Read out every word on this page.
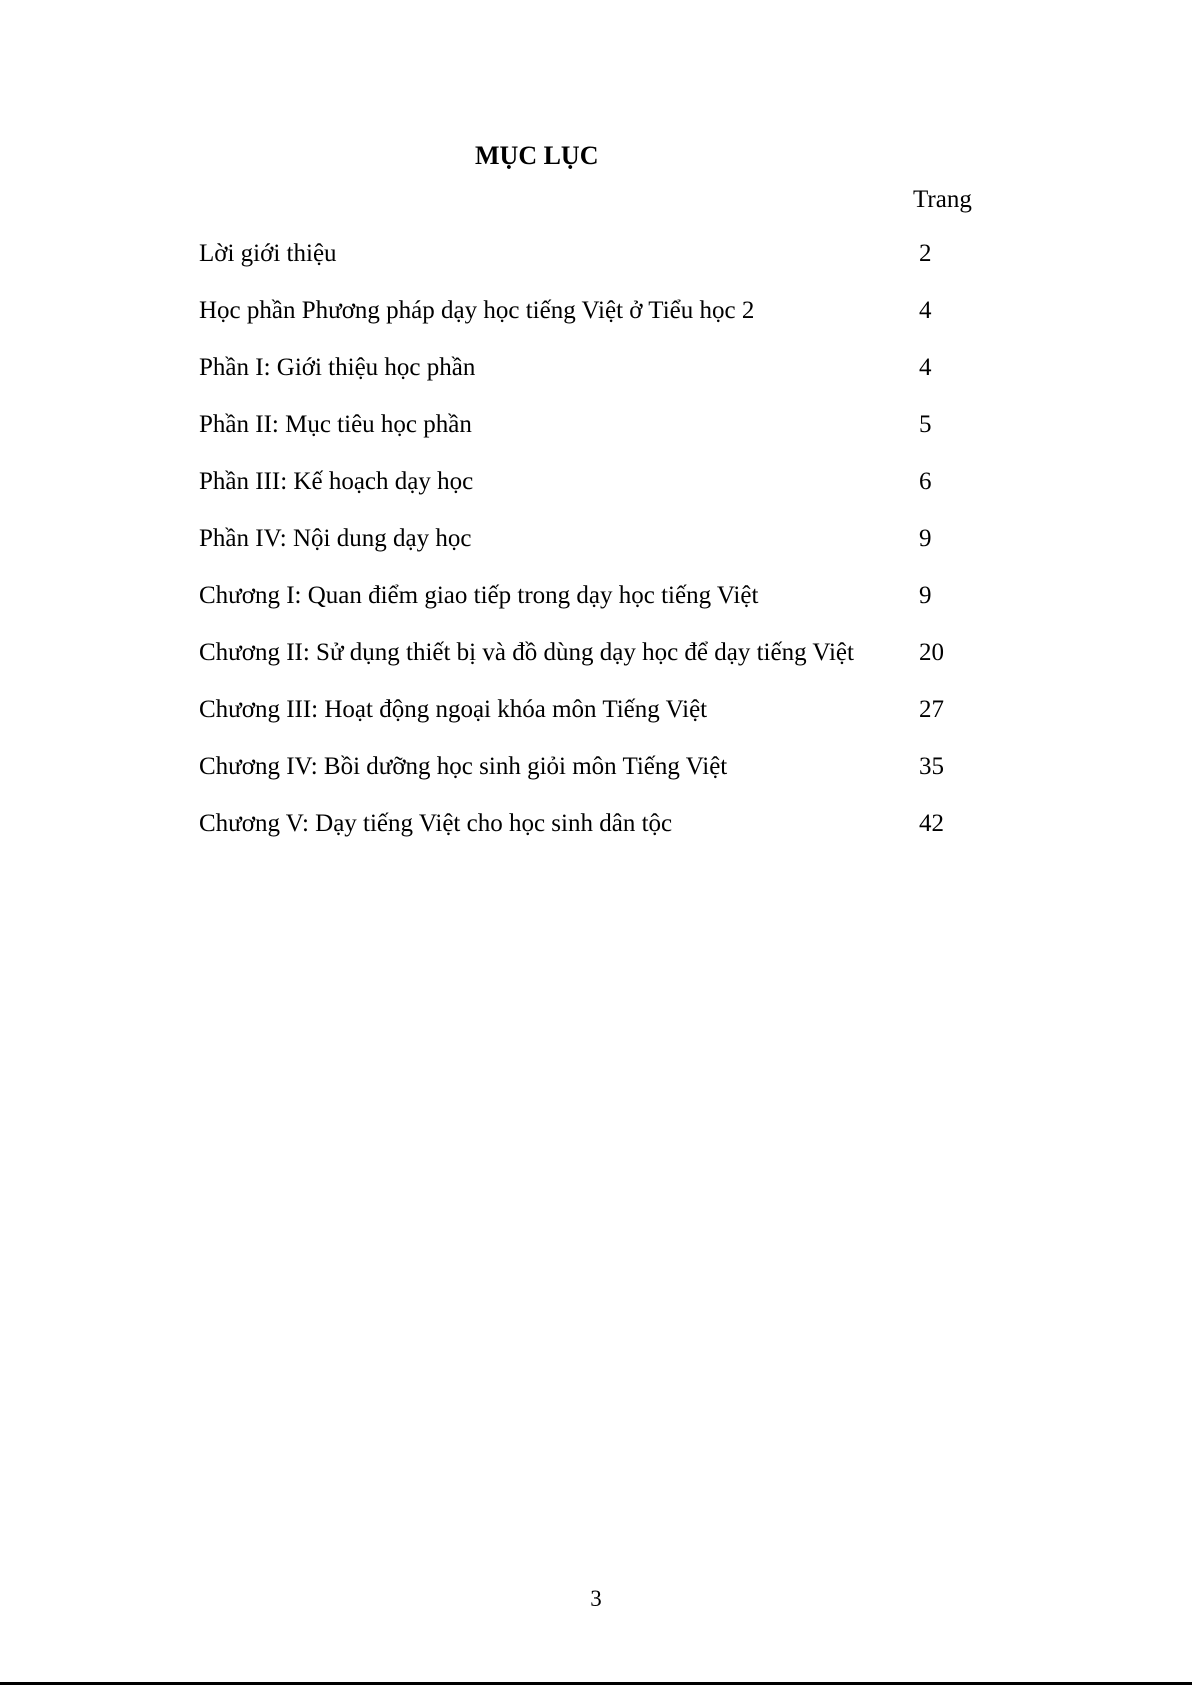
MỤC LỤC
Trang
Lời giới thiệu	2
Học phần Phương pháp dạy học tiếng Việt ở Tiểu học 2	4
Phần I: Giới thiệu học phần	4
Phần II: Mục tiêu học phần	5
Phần III: Kế hoạch dạy học	6
Phần IV: Nội dung dạy học	9
Chương I: Quan điểm giao tiếp trong dạy học tiếng Việt	9
Chương II: Sử dụng thiết bị và đồ dùng dạy học để dạy tiếng Việt	20
Chương III: Hoạt động ngoại khóa môn Tiếng Việt	27
Chương IV: Bồi dưỡng học sinh giỏi môn Tiếng Việt	35
Chương V: Dạy tiếng Việt cho học sinh dân tộc	42
3
